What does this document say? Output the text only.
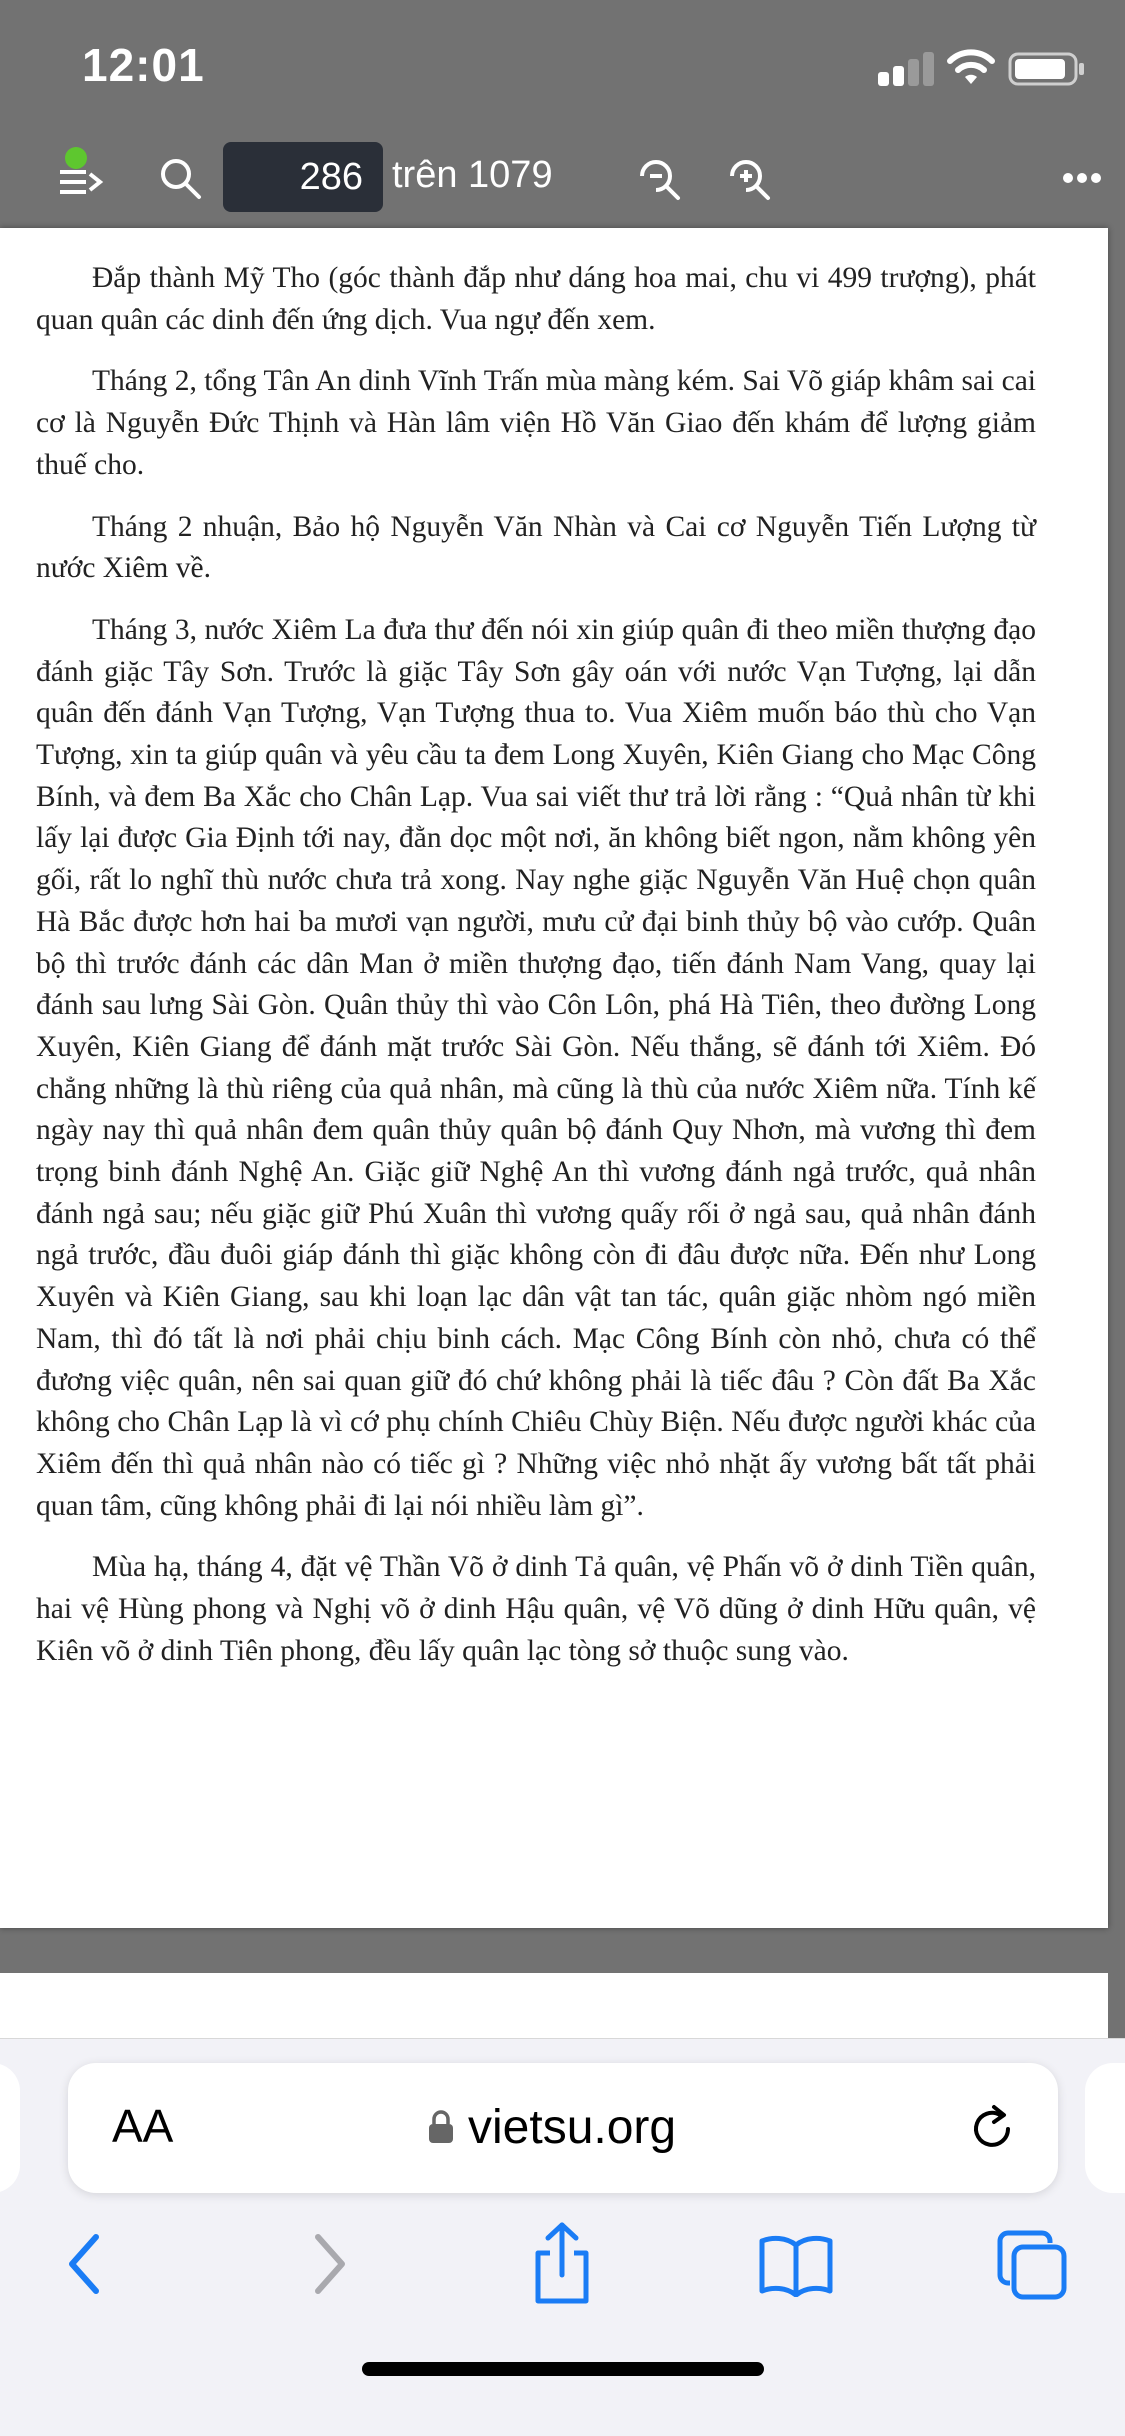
12:01
286 trên 1079

Đắp thành Mỹ Tho (góc thành đắp như dáng hoa mai, chu vi 499 trượng), phát quan quân các dinh đến ứng dịch. Vua ngự đến xem.

Tháng 2, tổng Tân An dinh Vĩnh Trấn mùa màng kém. Sai Võ giáp khâm sai cai cơ là Nguyễn Đức Thịnh và Hàn lâm viện Hồ Văn Giao đến khám để lượng giảm thuế cho.

Tháng 2 nhuận, Bảo hộ Nguyễn Văn Nhàn và Cai cơ Nguyễn Tiến Lượng từ nước Xiêm về.

Tháng 3, nước Xiêm La đưa thư đến nói xin giúp quân đi theo miền thượng đạo đánh giặc Tây Sơn. Trước là giặc Tây Sơn gây oán với nước Vạn Tượng, lại dẫn quân đến đánh Vạn Tượng, Vạn Tượng thua to. Vua Xiêm muốn báo thù cho Vạn Tượng, xin ta giúp quân và yêu cầu ta đem Long Xuyên, Kiên Giang cho Mạc Công Bính, và đem Ba Xắc cho Chân Lạp. Vua sai viết thư trả lời rằng : “Quả nhân từ khi lấy lại được Gia Định tới nay, đằn dọc một nơi, ăn không biết ngon, nằm không yên gối, rất lo nghĩ thù nước chưa trả xong. Nay nghe giặc Nguyễn Văn Huệ chọn quân Hà Bắc được hơn hai ba mươi vạn người, mưu cử đại binh thủy bộ vào cướp. Quân bộ thì trước đánh các dân Man ở miền thượng đạo, tiến đánh Nam Vang, quay lại đánh sau lưng Sài Gòn. Quân thủy thì vào Côn Lôn, phá Hà Tiên, theo đường Long Xuyên, Kiên Giang để đánh mặt trước Sài Gòn. Nếu thắng, sẽ đánh tới Xiêm. Đó chẳng những là thù riêng của quả nhân, mà cũng là thù của nước Xiêm nữa. Tính kế ngày nay thì quả nhân đem quân thủy quân bộ đánh Quy Nhơn, mà vương thì đem trọng binh đánh Nghệ An. Giặc giữ Nghệ An thì vương đánh ngả trước, quả nhân đánh ngả sau; nếu giặc giữ Phú Xuân thì vương quấy rối ở ngả sau, quả nhân đánh ngả trước, đầu đuôi giáp đánh thì giặc không còn đi đâu được nữa. Đến như Long Xuyên và Kiên Giang, sau khi loạn lạc dân vật tan tác, quân giặc nhòm ngó miền Nam, thì đó tất là nơi phải chịu binh cách. Mạc Công Bính còn nhỏ, chưa có thể đương việc quân, nên sai quan giữ đó chứ không phải là tiếc đâu ? Còn đất Ba Xắc không cho Chân Lạp là vì cớ phụ chính Chiêu Chùy Biện. Nếu được người khác của Xiêm đến thì quả nhân nào có tiếc gì ? Những việc nhỏ nhặt ấy vương bất tất phải quan tâm, cũng không phải đi lại nói nhiều làm gì”.

Mùa hạ, tháng 4, đặt vệ Thần Võ ở dinh Tả quân, vệ Phấn võ ở dinh Tiền quân, hai vệ Hùng phong và Nghị võ ở dinh Hậu quân, vệ Võ dũng ở dinh Hữu quân, vệ Kiên võ ở dinh Tiên phong, đều lấy quân lạc tòng sở thuộc sung vào.

AA	vietsu.org
